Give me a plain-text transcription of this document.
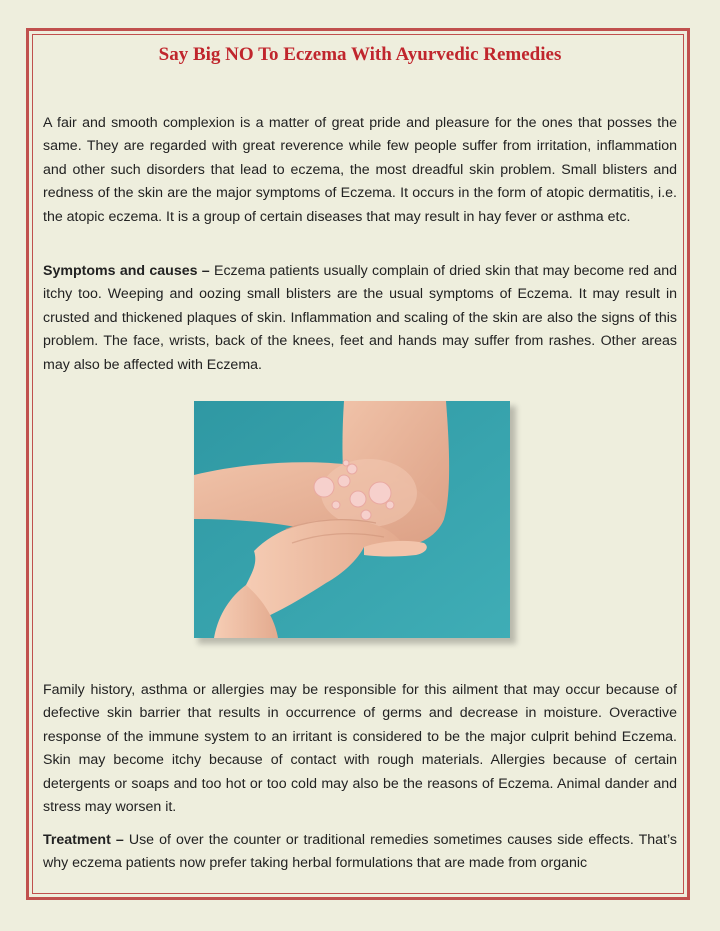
Say Big NO To Eczema With Ayurvedic Remedies

A fair and smooth complexion is a matter of great pride and pleasure for the ones that posses the same. They are regarded with great reverence while few people suffer from irritation, inflammation and other such disorders that lead to eczema, the most dreadful skin problem. Small blisters and redness of the skin are the major symptoms of Eczema. It occurs in the form of atopic dermatitis, i.e. the atopic eczema. It is a group of certain diseases that may result in hay fever or asthma etc.

Symptoms and causes – Eczema patients usually complain of dried skin that may become red and itchy too. Weeping and oozing small blisters are the usual symptoms of Eczema. It may result in crusted and thickened plaques of skin. Inflammation and scaling of the skin are also the signs of this problem. The face, wrists, back of the knees, feet and hands may suffer from rashes. Other areas may also be affected with Eczema.

Family history, asthma or allergies may be responsible for this ailment that may occur because of defective skin barrier that results in occurrence of germs and decrease in moisture. Overactive response of the immune system to an irritant is considered to be the major culprit behind Eczema. Skin may become itchy because of contact with rough materials. Allergies because of certain detergents or soaps and too hot or too cold may also be the reasons of Eczema. Animal dander and stress may worsen it.

Treatment – Use of over the counter or traditional remedies sometimes causes side effects. That’s why eczema patients now prefer taking herbal formulations that are made from organic
